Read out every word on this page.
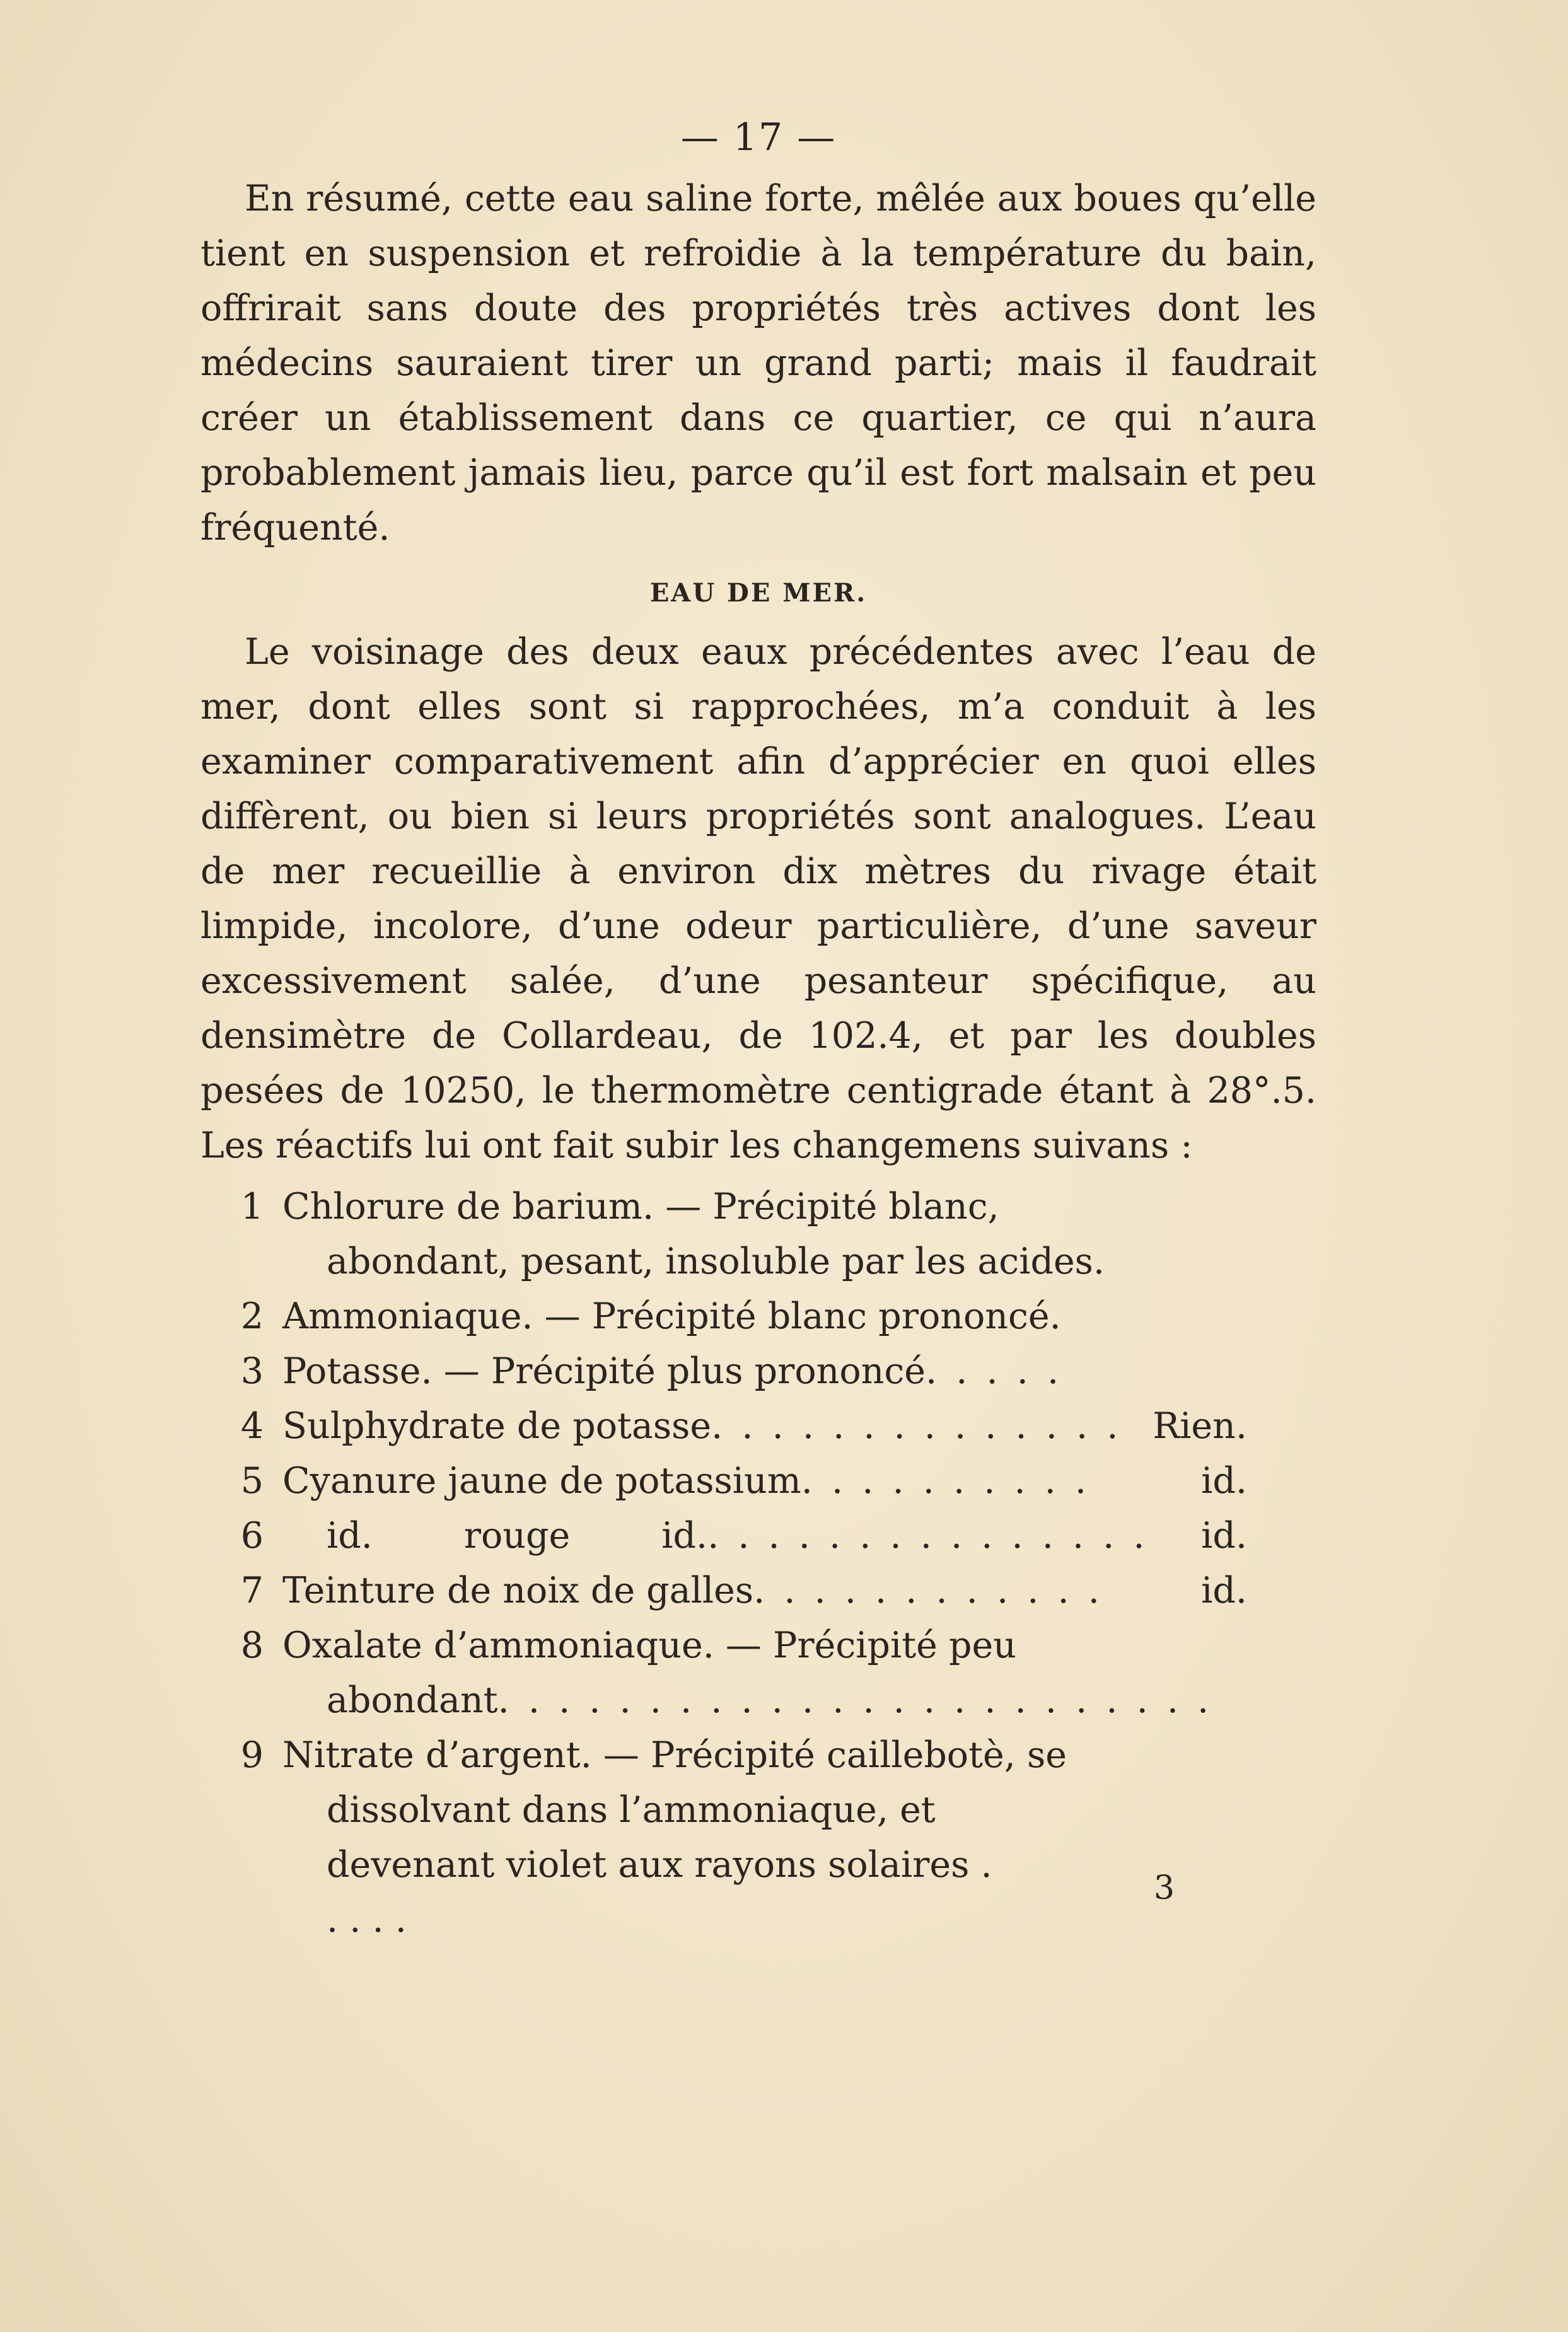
— 17 —

En résumé, cette eau saline forte, mêlée aux boues qu’elle tient en suspension et refroidie à la température du bain, offrirait sans doute des propriétés très actives dont les médecins sauraient tirer un grand parti; mais il faudrait créer un établissement dans ce quartier, ce qui n’aura probablement jamais lieu, parce qu’il est fort malsain et peu fréquenté.

EAU DE MER.

Le voisinage des deux eaux précédentes avec l’eau de mer, dont elles sont si rapprochées, m’a conduit à les examiner comparativement afin d’apprécier en quoi elles diffèrent, ou bien si leurs propriétés sont analogues. L’eau de mer recueillie à environ dix mètres du rivage était limpide, incolore, d’une odeur particulière, d’une saveur excessivement salée, d’une pesanteur spécifique, au densimètre de Collardeau, de 102.4, et par les doubles pesées de 10250, le thermomètre centigrade étant à 28°.5. Les réactifs lui ont fait subir les changemens suivans :

1 Chlorure de barium. — Précipité blanc,
abondant, pesant, insoluble par les acides.
2 Ammoniaque. — Précipité blanc prononcé.
3 Potasse. — Précipité plus prononcé . . . . .
4 Sulphydrate de potasse . . . . . . . . . . . . . . Rien.
5 Cyanure jaune de potassium . . . . . . . . . .	id.
6	id.        rouge        id. . . . . . . . . . . . . . . .	id.
7 Teinture de noix de galles . . . . . . . . . . . .	id.
8 Oxalate d’ammoniaque. — Précipité peu
abondant . . . . . . . . . . . . . . . . . . . . . . . .
9 Nitrate d’argent. — Précipité caillebotè, se
dissolvant dans l’ammoniaque, et devenant violet aux rayons solaires . . . . .
3
